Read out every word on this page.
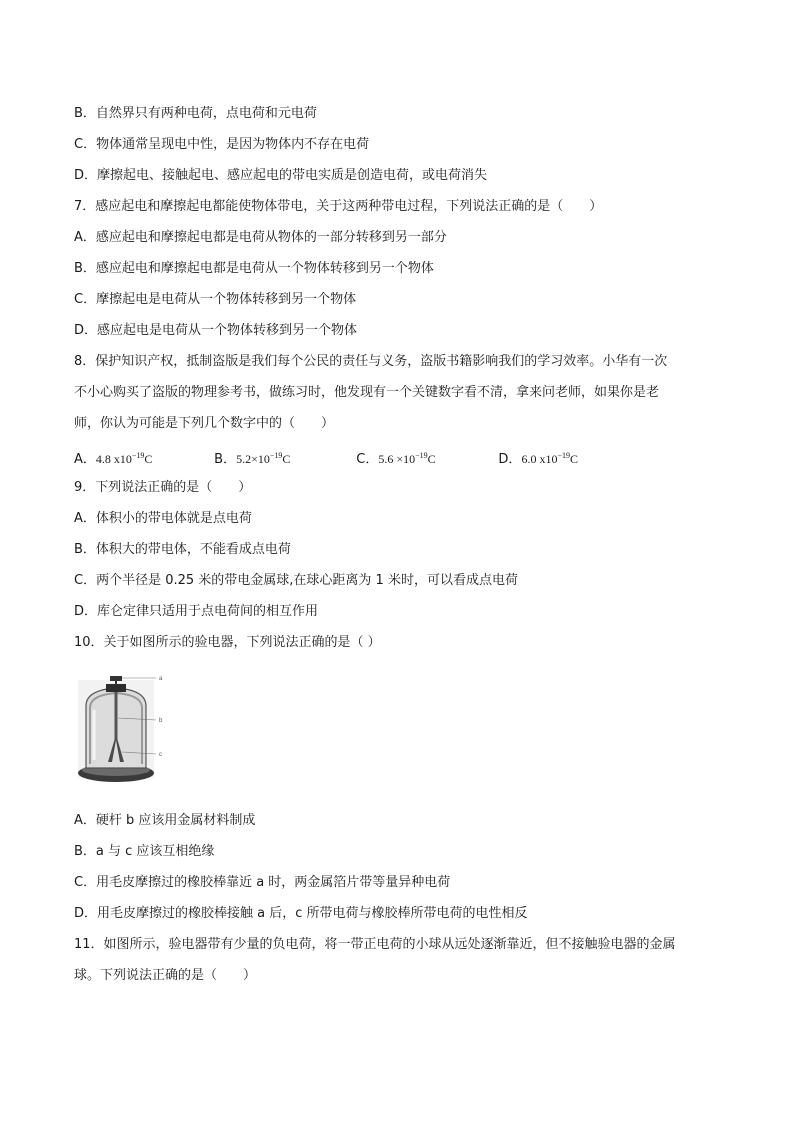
B．自然界只有两种电荷，点电荷和元电荷
C．物体通常呈现电中性，是因为物体内不存在电荷
D．摩擦起电、接触起电、感应起电的带电实质是创造电荷，或电荷消失
7．感应起电和摩擦起电都能使物体带电，关于这两种带电过程，下列说法正确的是（　　）
A．感应起电和摩擦起电都是电荷从物体的一部分转移到另一部分
B．感应起电和摩擦起电都是电荷从一个物体转移到另一个物体
C．摩擦起电是电荷从一个物体转移到另一个物体
D．感应起电是电荷从一个物体转移到另一个物体
8．保护知识产权，抵制盗版是我们每个公民的责任与义务，盗版书籍影响我们的学习效率。小华有一次
不小心购买了盗版的物理参考书，做练习时，他发现有一个关键数字看不清，拿来问老师，如果你是老
师，你认为可能是下列几个数字中的（　　）
A．4.8 $x10^{-19}C$	B．$5.2\times 10^{-19}C$	C．$5.6 \times 10^{-19}C$	D．6.0 $x10^{-19}C$
9．下列说法正确的是（　　）
A．体积小的带电体就是点电荷
B．体积大的带电体，不能看成点电荷
C．两个半径是 0.25 米的带电金属球,在球心距离为 1 米时，可以看成点电荷
D．库仑定律只适用于点电荷间的相互作用
10．关于如图所示的验电器，下列说法正确的是（ ）
a
b
c
A．硬杆 b 应该用金属材料制成
B．a 与 c 应该互相绝缘
C．用毛皮摩擦过的橡胶棒靠近 a 时，两金属箔片带等量异种电荷
D．用毛皮摩擦过的橡胶棒接触 a 后，c 所带电荷与橡胶棒所带电荷的电性相反
11．如图所示，验电器带有少量的负电荷，将一带正电荷的小球从远处逐渐靠近，但不接触验电器的金属
球。下列说法正确的是（　　）
